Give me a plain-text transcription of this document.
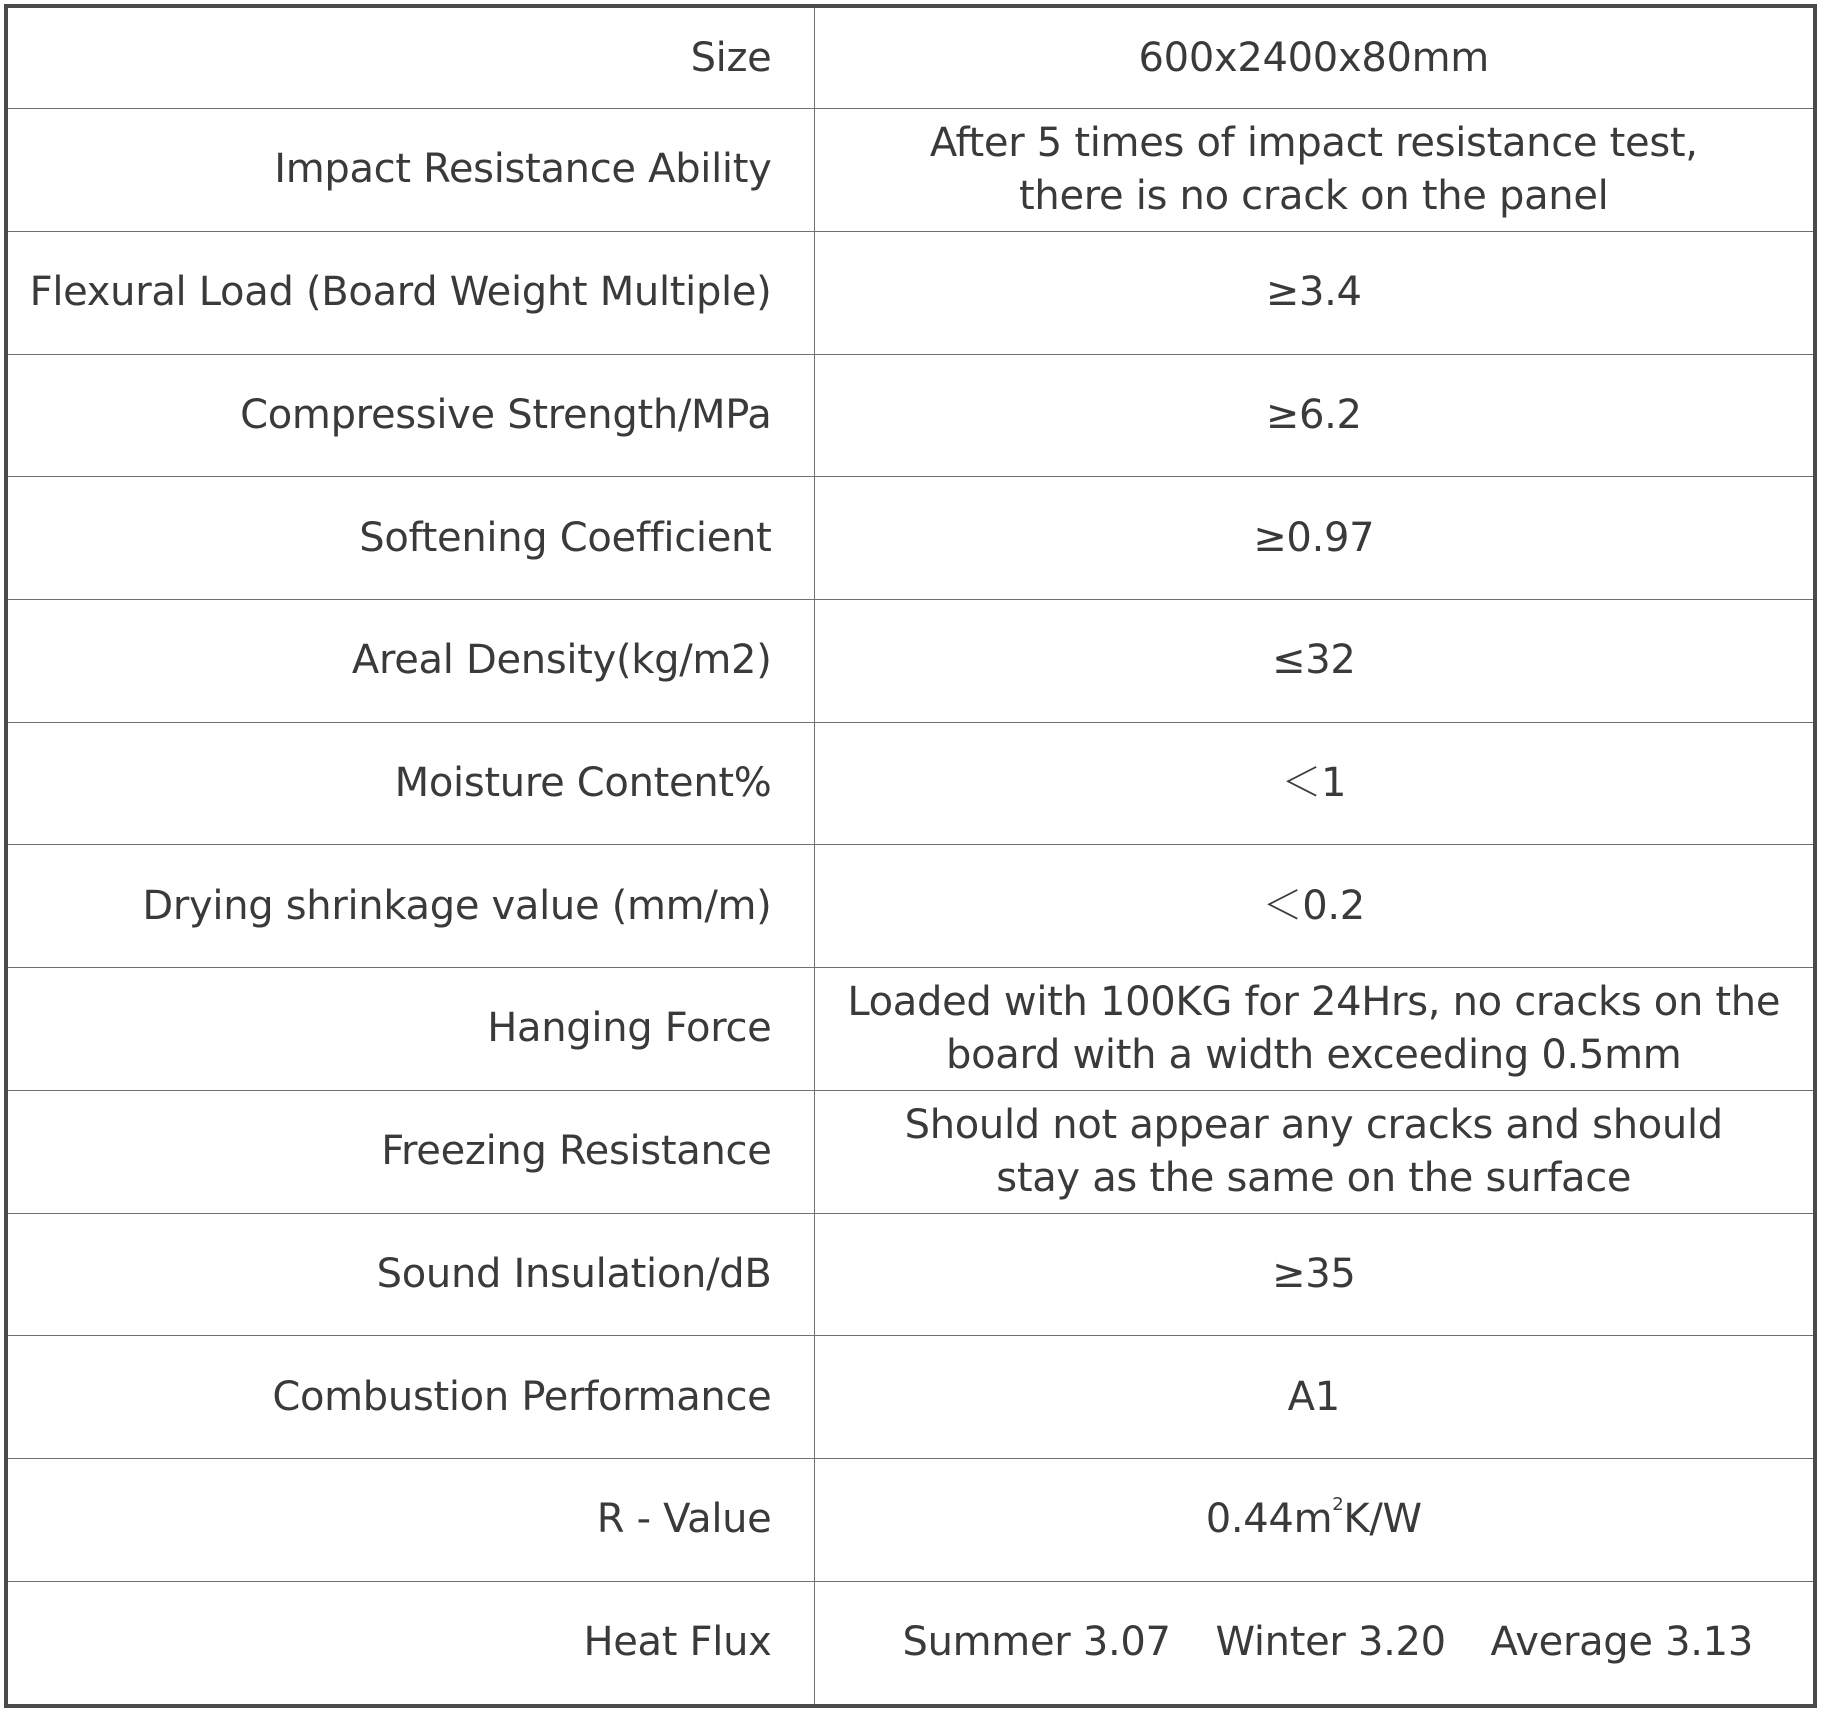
Size	600x2400x80mm
Impact Resistance Ability	After 5 times of impact resistance test,
there is no crack on the panel

Flexural Load (Board Weight Multiple)	≥3.4
Compressive Strength/MPa	≥6.2
Softening Coefficient	≥0.97
Areal Density(kg/m2)	≤32
Moisture Content%	＜1
Drying shrinkage value (mm/m)	＜0.2
Hanging Force	Loaded with 100KG for 24Hrs, no cracks on the
board with a width exceeding 0.5mm

Freezing Resistance	Should not appear any cracks and should
stay as the same on the surface

Sound Insulation/dB	≥35
Combustion Performance	A1
R - Value	$0.44m^2K/W$
Heat Flux	Summer 3.07 Winter 3.20 Average 3.13
